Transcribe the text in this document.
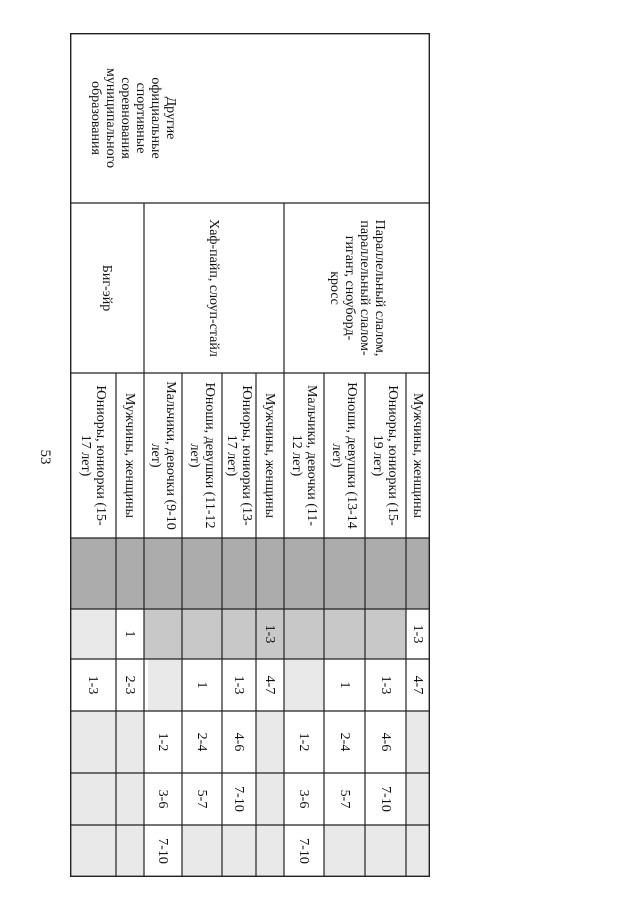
53
Другие официальные спортивные соревнования муниципального образования
Параллельный слалом, параллельный слалом-гигант, сноуборд-кросс
Хаф-пайп, слоуп-стайл
Биг-эйр
Мужчины, женщины
1-3
4-7
Юниоры, юниорки (15-19 лет)
1-3
4-6
7-10
Юноши, девушки (13-14 лет)
1
2-4
5-7
Мальчики, девочки (11-12 лет)
1-2
3-6
7-10
Мужчины, женщины
1-3
4-7
Юниоры, юниорки (13-17 лет)
1-3
4-6
7-10
Юноши, девушки (11-12 лет)
1
2-4
5-7
Мальчики, девочки (9-10 лет)
1-2
3-6
7-10
Мужчины, женщины
1
2-3
Юниоры, юниорки (15-17 лет)
1-3
